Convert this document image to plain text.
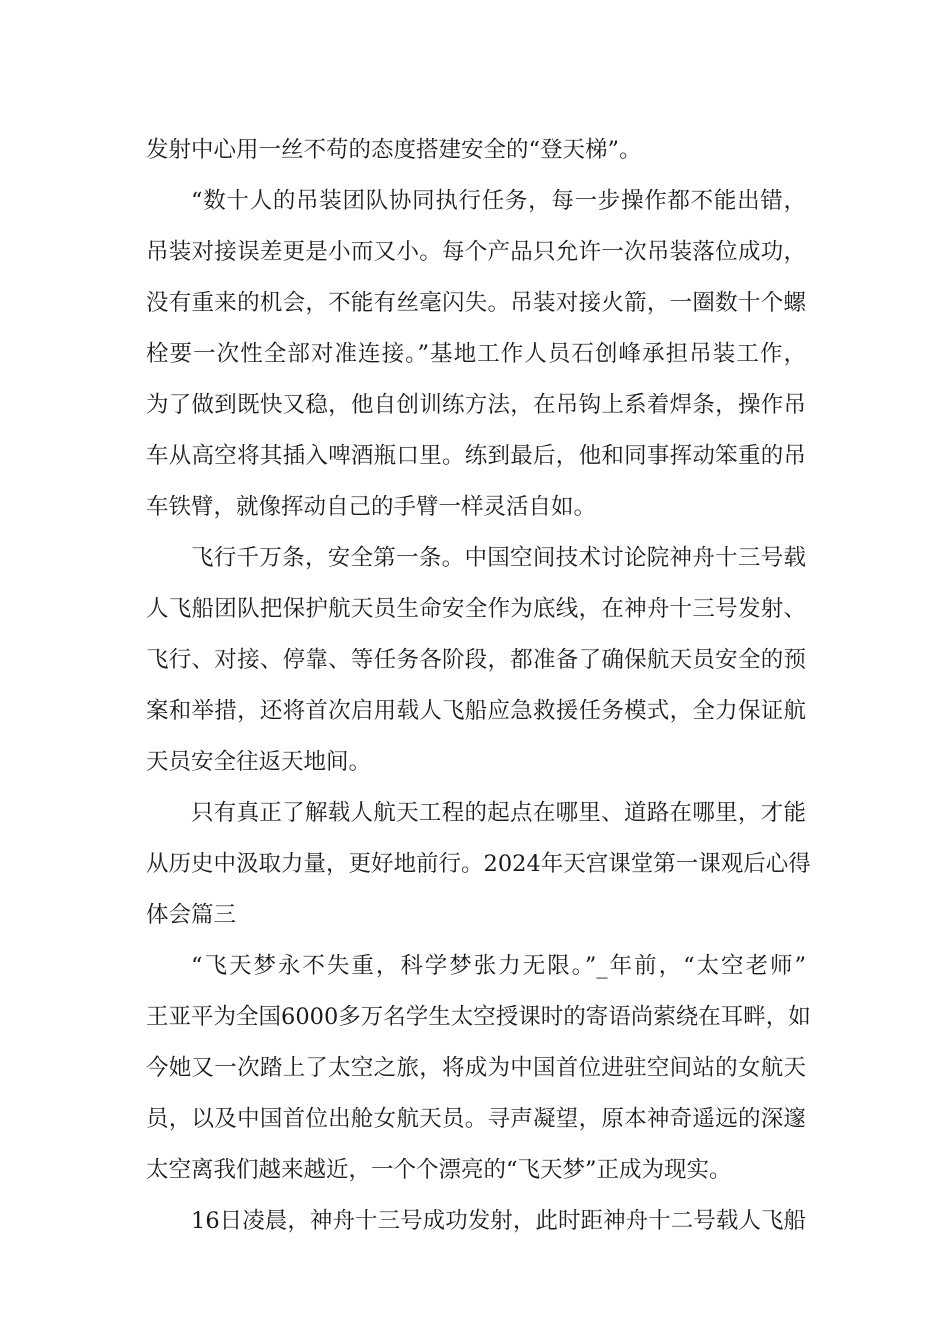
发射中心用一丝不苟的态度搭建安全的“登天梯”。
“数十人的吊装团队协同执行任务，每一步操作都不能出错，
吊装对接误差更是小而又小。每个产品只允许一次吊装落位成功，
没有重来的机会，不能有丝毫闪失。吊装对接火箭，一圈数十个螺
栓要一次性全部对准连接。”基地工作人员石创峰承担吊装工作，
为了做到既快又稳，他自创训练方法，在吊钩上系着焊条，操作吊
车从高空将其插入啤酒瓶口里。练到最后，他和同事挥动笨重的吊
车铁臂，就像挥动自己的手臂一样灵活自如。
飞行千万条，安全第一条。中国空间技术讨论院神舟十三号载
人飞船团队把保护航天员生命安全作为底线，在神舟十三号发射、
飞行、对接、停靠、等任务各阶段，都准备了确保航天员安全的预
案和举措，还将首次启用载人飞船应急救援任务模式，全力保证航
天员安全往返天地间。
只有真正了解载人航天工程的起点在哪里、道路在哪里，才能
从历史中汲取力量，更好地前行。2024年天宫课堂第一课观后心得
体会篇三
“飞天梦永不失重，科学梦张力无限。”_年前，“太空老师”
王亚平为全国6000多万名学生太空授课时的寄语尚萦绕在耳畔，如
今她又一次踏上了太空之旅，将成为中国首位进驻空间站的女航天
员，以及中国首位出舱女航天员。寻声凝望，原本神奇遥远的深邃
太空离我们越来越近，一个个漂亮的“飞天梦”正成为现实。
16日凌晨，神舟十三号成功发射，此时距神舟十二号载人飞船
